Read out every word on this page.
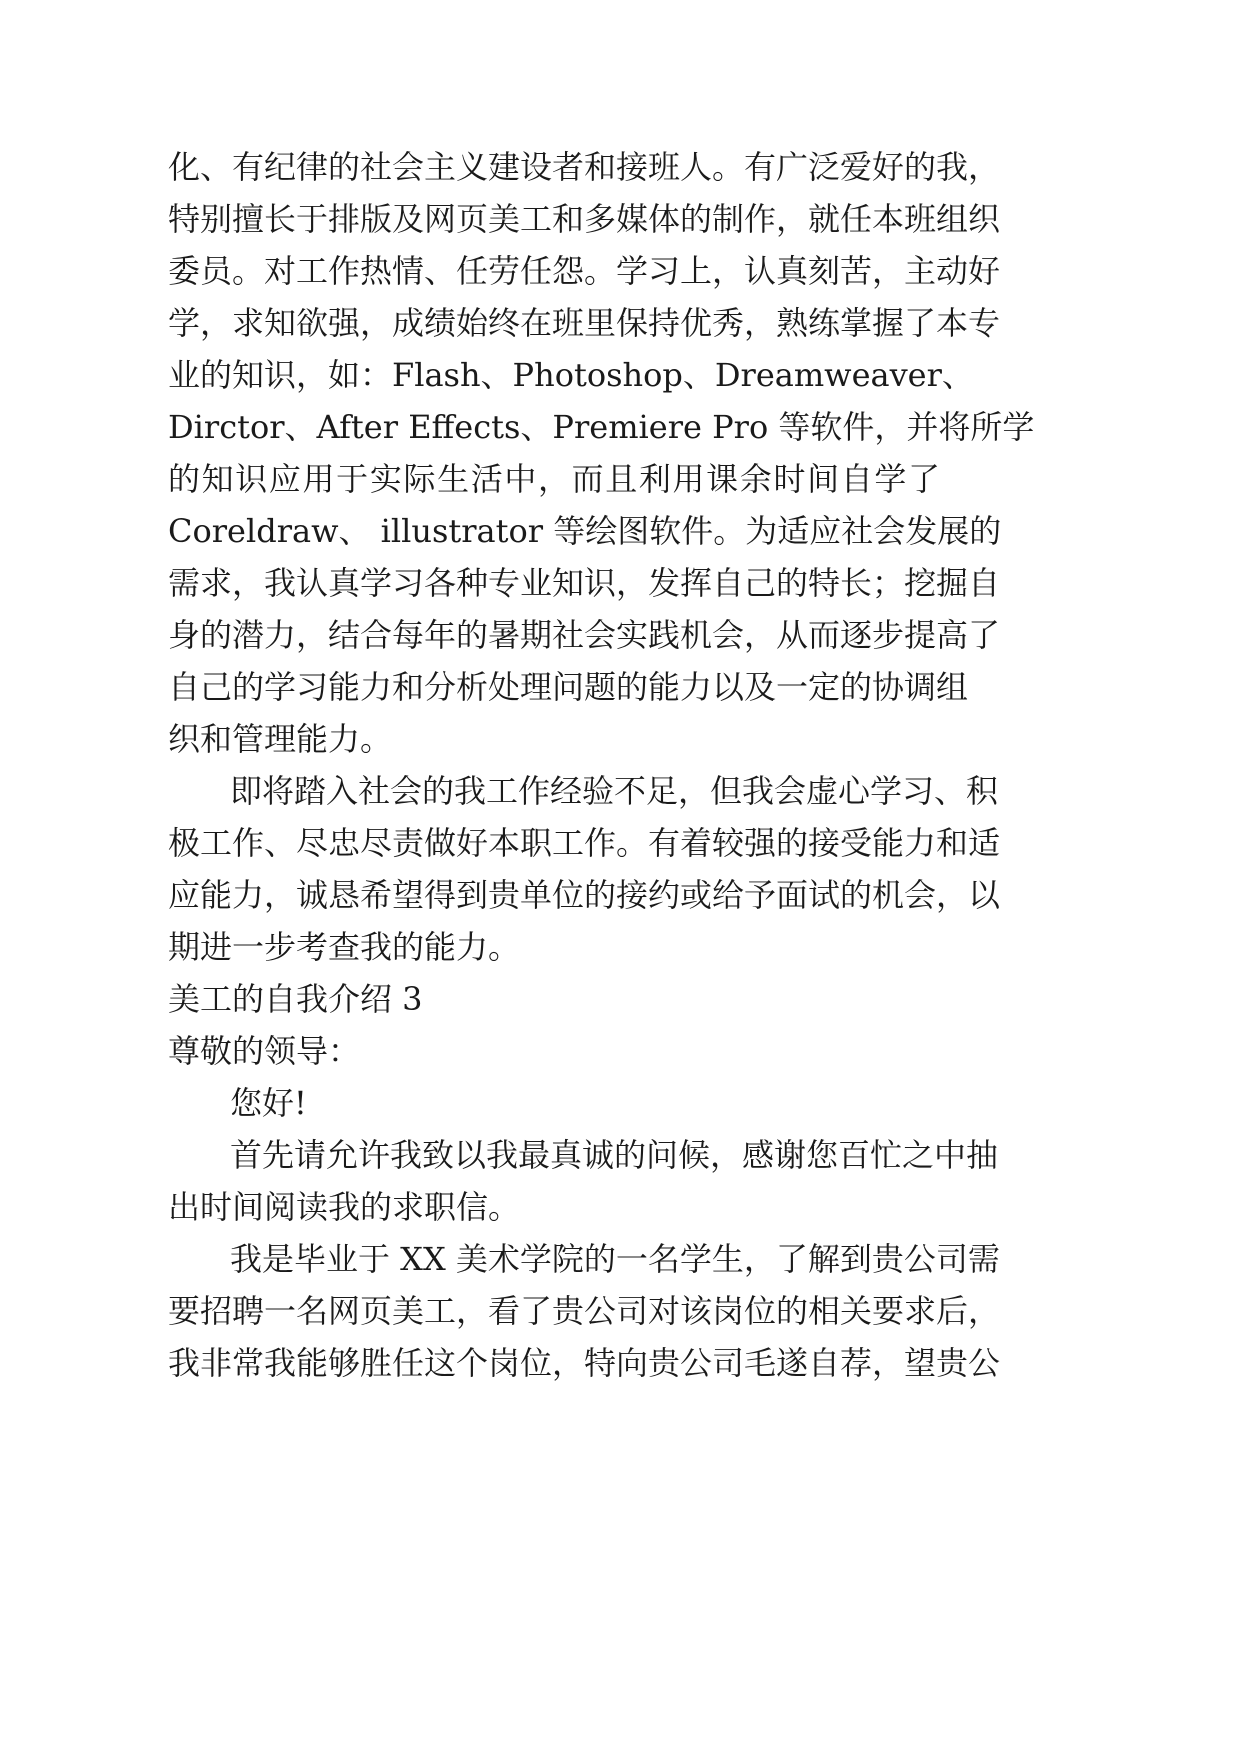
化、有纪律的社会主义建设者和接班人。有广泛爱好的我，
特别擅长于排版及网页美工和多媒体的制作，就任本班组织
委员。对工作热情、任劳任怨。学习上，认真刻苦，主动好
学，求知欲强，成绩始终在班里保持优秀，熟练掌握了本专
业的知识，如：Flash、Photoshop、Dreamweaver、
Dirctor、After Effects、Premiere Pro 等软件，并将所学
的知识应用于实际生活中，而且利用课余时间自学了
Coreldraw、 illustrator 等绘图软件。为适应社会发展的
需求，我认真学习各种专业知识，发挥自己的特长；挖掘自
身的潜力，结合每年的暑期社会实践机会，从而逐步提高了
自己的学习能力和分析处理问题的能力以及一定的协调组
织和管理能力。
即将踏入社会的我工作经验不足，但我会虚心学习、积
极工作、尽忠尽责做好本职工作。有着较强的接受能力和适
应能力，诚恳希望得到贵单位的接约或给予面试的机会，以
期进一步考查我的能力。
美工的自我介绍 3
尊敬的领导：
您好!
首先请允许我致以我最真诚的问候，感谢您百忙之中抽
出时间阅读我的求职信。
我是毕业于 XX 美术学院的一名学生，了解到贵公司需
要招聘一名网页美工，看了贵公司对该岗位的相关要求后，
我非常我能够胜任这个岗位，特向贵公司毛遂自荐，望贵公
